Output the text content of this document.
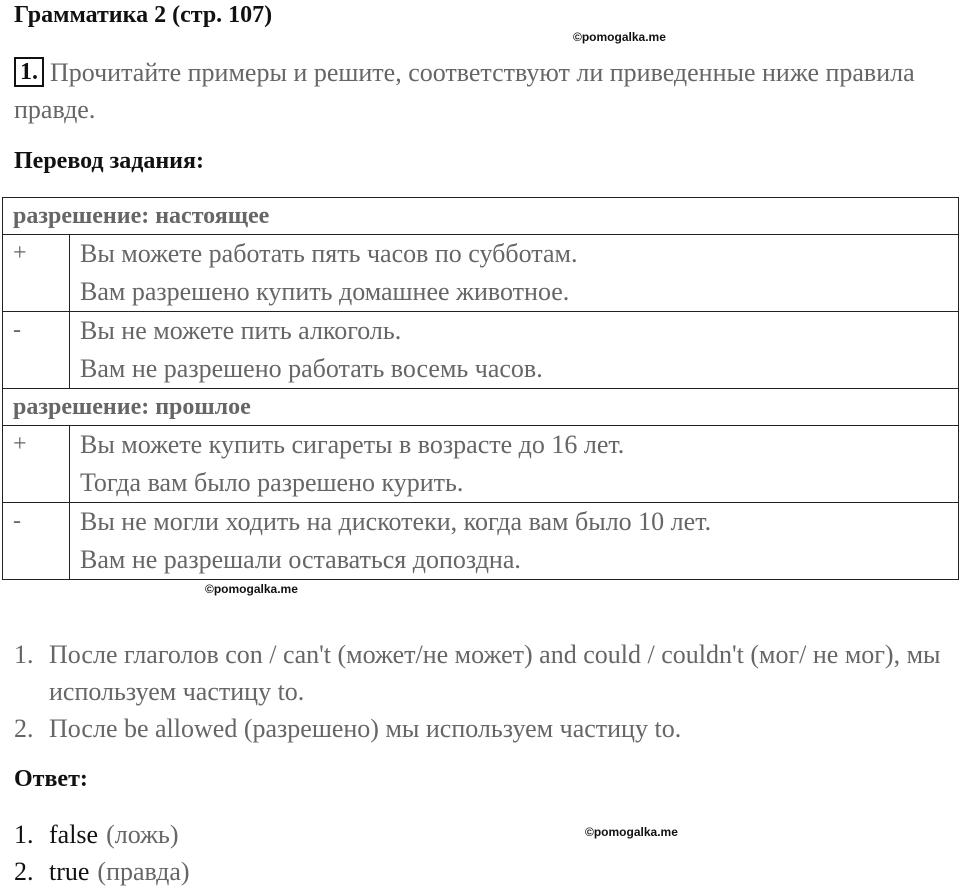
Грамматика 2 (стр. 107)
©pomogalka.me
1. Прочитайте примеры и решите, соответствуют ли приведенные ниже правила правде.
Перевод задания:
разрешение: настоящее	
+	Вы можете работать пять часов по субботам.
Вам разрешено купить домашнее животное.

-	Вы не можете пить алкоголь.
Вам не разрешено работать восемь часов.

разрешение: прошлое	
+	Вы можете купить сигареты в возрасте до 16 лет.
Тогда вам было разрешено курить.

-	Вы не могли ходить на дискотеки, когда вам было 10 лет.
Вам не разрешали оставаться допоздна.
©pomogalka.me
1. После глаголов con / can't (может/не может) and could / couldn't (мог/ не мог), мы используем частицу to.
2. После be allowed (разрешено) мы используем частицу to.
Ответ:
1. false (ложь)
2. true (правда)
©pomogalka.me
